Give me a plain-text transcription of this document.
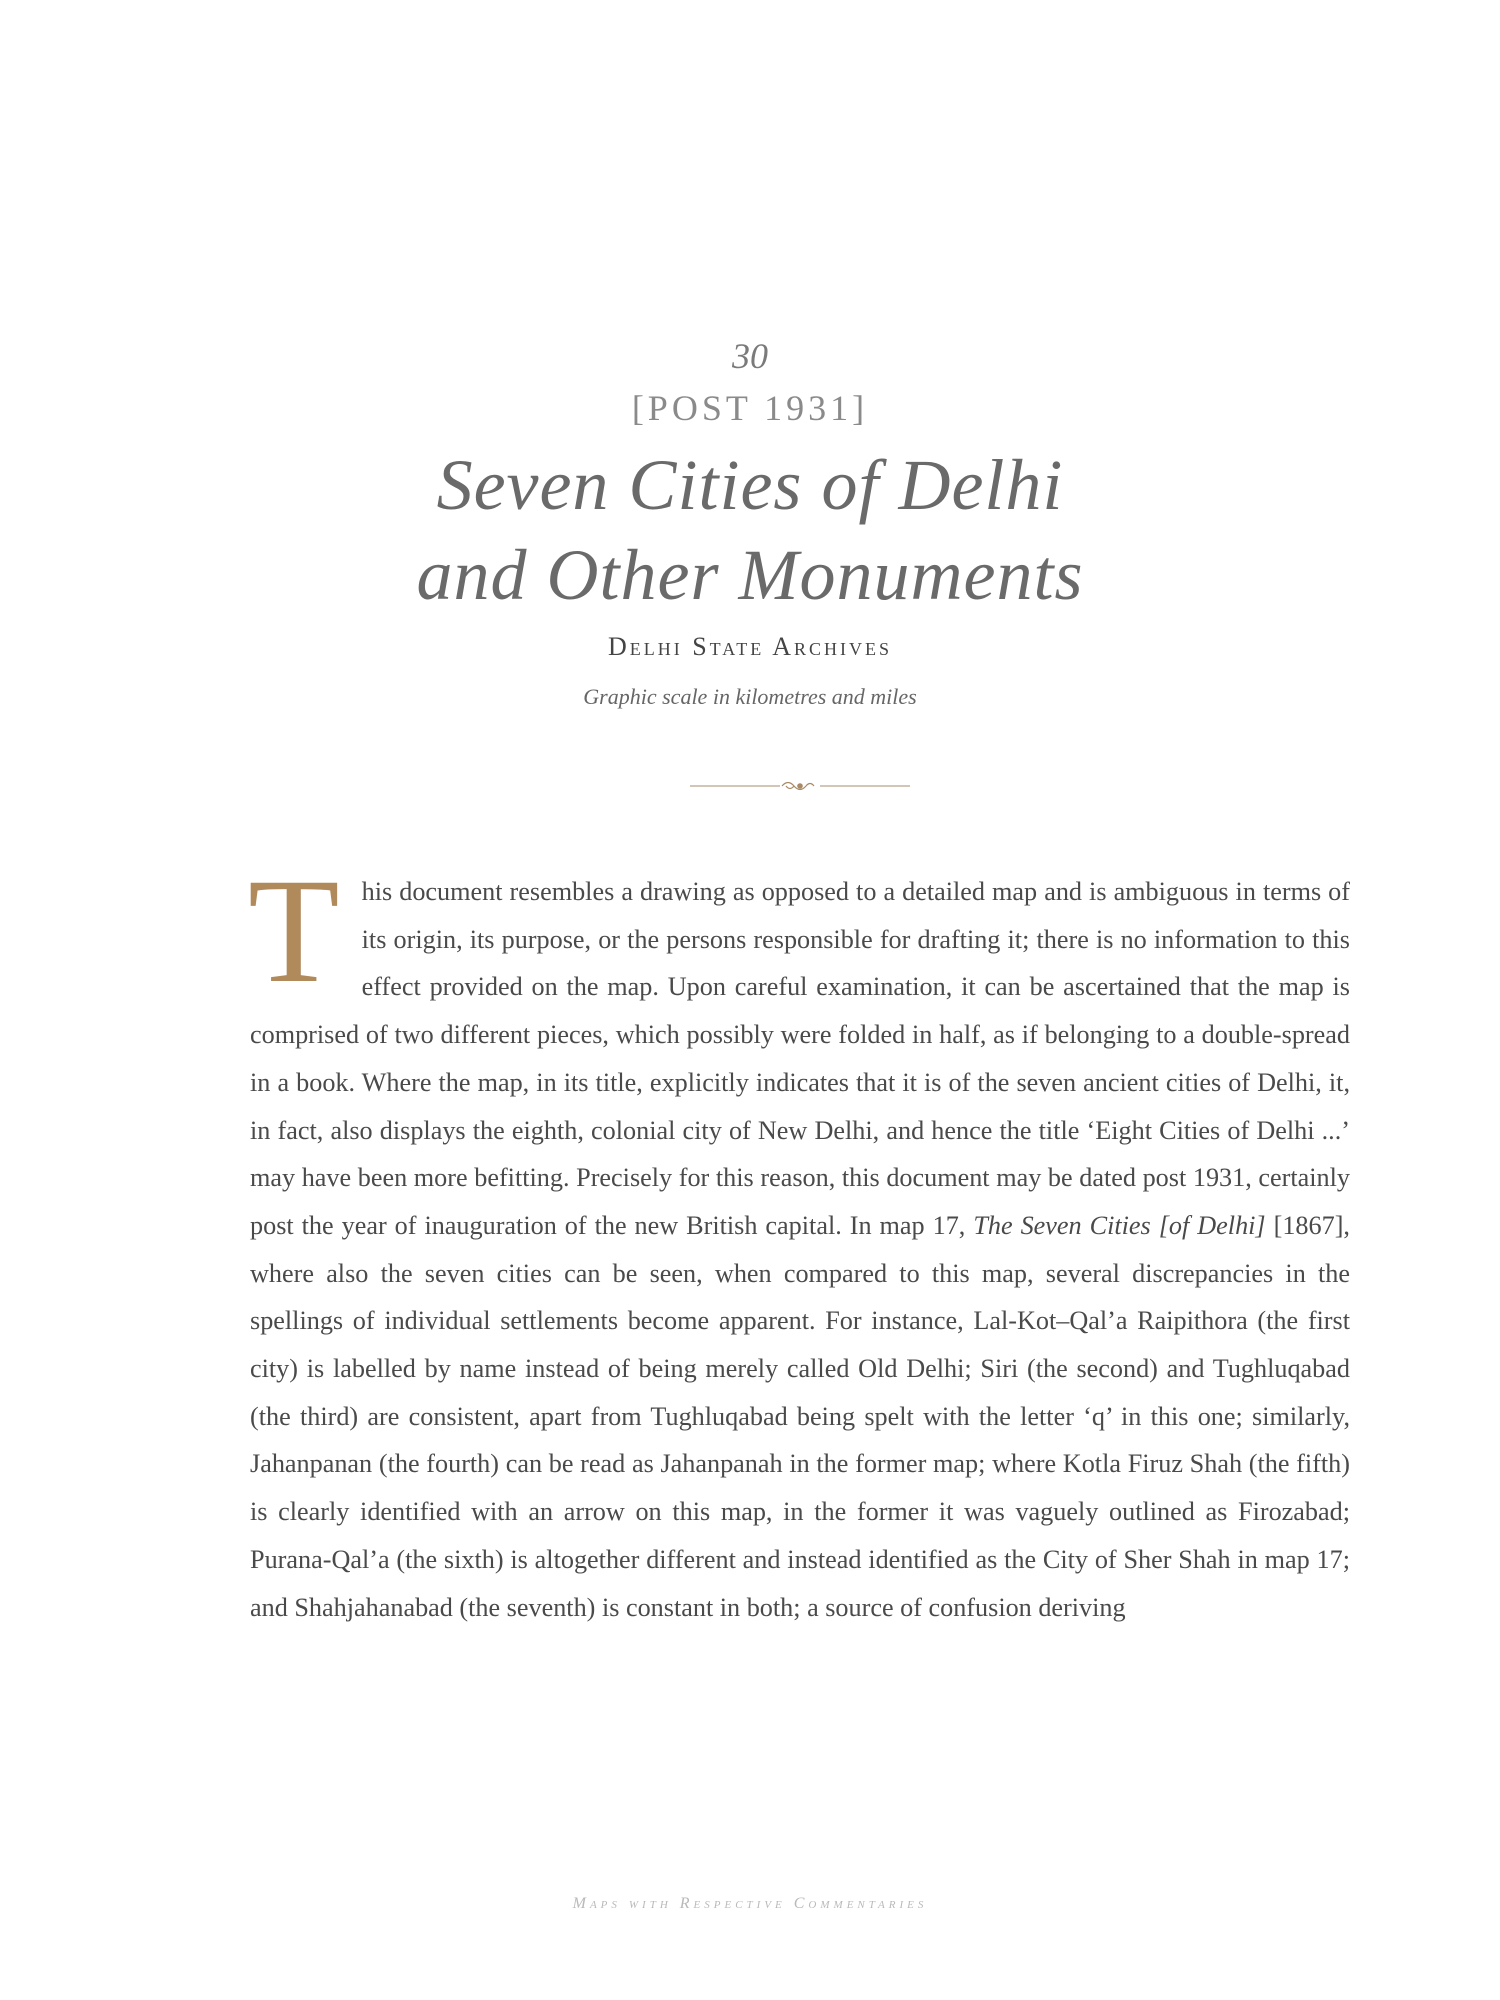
30
[POST 1931]
Seven Cities of Delhi
and Other Monuments
Delhi State Archives
Graphic scale in kilometres and miles

This document resembles a drawing as opposed to a detailed map and is ambiguous in terms of its origin, its purpose, or the persons responsible for drafting it; there is no information to this effect provided on the map. Upon careful examination, it can be ascertained that the map is comprised of two different pieces, which possibly were folded in half, as if belonging to a double-spread in a book. Where the map, in its title, explicitly indicates that it is of the seven ancient cities of Delhi, it, in fact, also displays the eighth, colonial city of New Delhi, and hence the title ‘Eight Cities of Delhi ...’ may have been more befitting. Precisely for this reason, this document may be dated post 1931, certainly post the year of inauguration of the new British capital. In map 17, The Seven Cities [of Delhi] [1867], where also the seven cities can be seen, when compared to this map, several discrepancies in the spellings of individual settlements become apparent. For instance, Lal-Kot–Qal’a Raipithora (the first city) is labelled by name instead of being merely called Old Delhi; Siri (the second) and Tughluqabad (the third) are consistent, apart from Tughluqabad being spelt with the letter ‘q’ in this one; similarly, Jahanpanan (the fourth) can be read as Jahanpanah in the former map; where Kotla Firuz Shah (the fifth) is clearly identified with an arrow on this map, in the former it was vaguely outlined as Firozabad; Purana-Qal’a (the sixth) is altogether different and instead identified as the City of Sher Shah in map 17; and Shahjahanabad (the seventh) is constant in both; a source of confusion deriving

Maps with Respective Commentaries
